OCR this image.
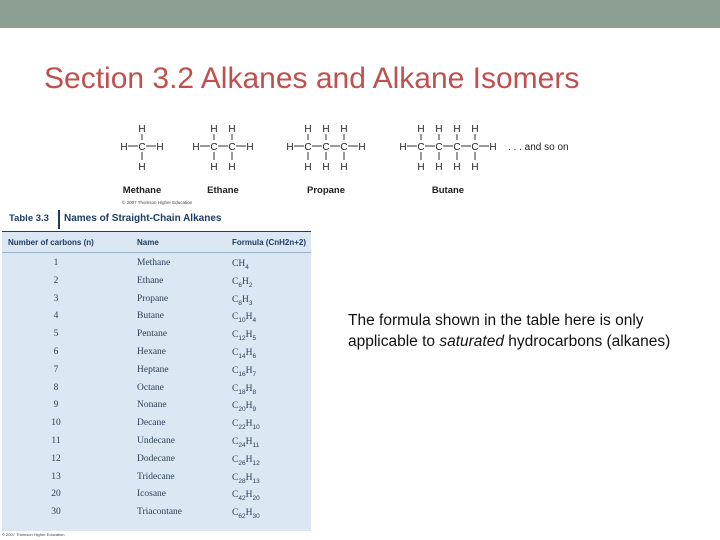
Section 3.2 Alkanes and Alkane Isomers
H C
H
H
H
Methane
H C
H
H
C
H
H
H
Ethane
H C
H
H
C
H
H
C
H
H
H
Propane
H C
H
H
C
H
H
C
H
H
C
H
H
H
Butane
. . . and so on
© 2007 Thomson Higher Education
Table 3.3 Names of Straight-Chain Alkanes
Number of carbons (n)	Name	Formula (CnH2n+2)
1	Methane	$CH_4$
2	Ethane	$C_6H_2$
3	Propane	$C_8H_3$
4	Butane	$C_{10}H_4$
5	Pentane	$C_{12}H_5$
6	Hexane	$C_{14}H_6$
7	Heptane	$C_{16}H_7$
8	Octane	$C_{18}H_8$
9	Nonane	$C_{20}H_9$
10	Decane	$C_{22}H_{10}$
11	Undecane	$C_{24}H_{11}$
12	Dodecane	$C_{26}H_{12}$
13	Tridecane	$C_{28}H_{13}$
20	Icosane	$C_{42}H_{20}$
30	Triacontane	$C_{62}H_{30}$
© 2007 Thomson Higher Education
The formula shown in the table here is only applicable to saturated hydrocarbons (alkanes)
